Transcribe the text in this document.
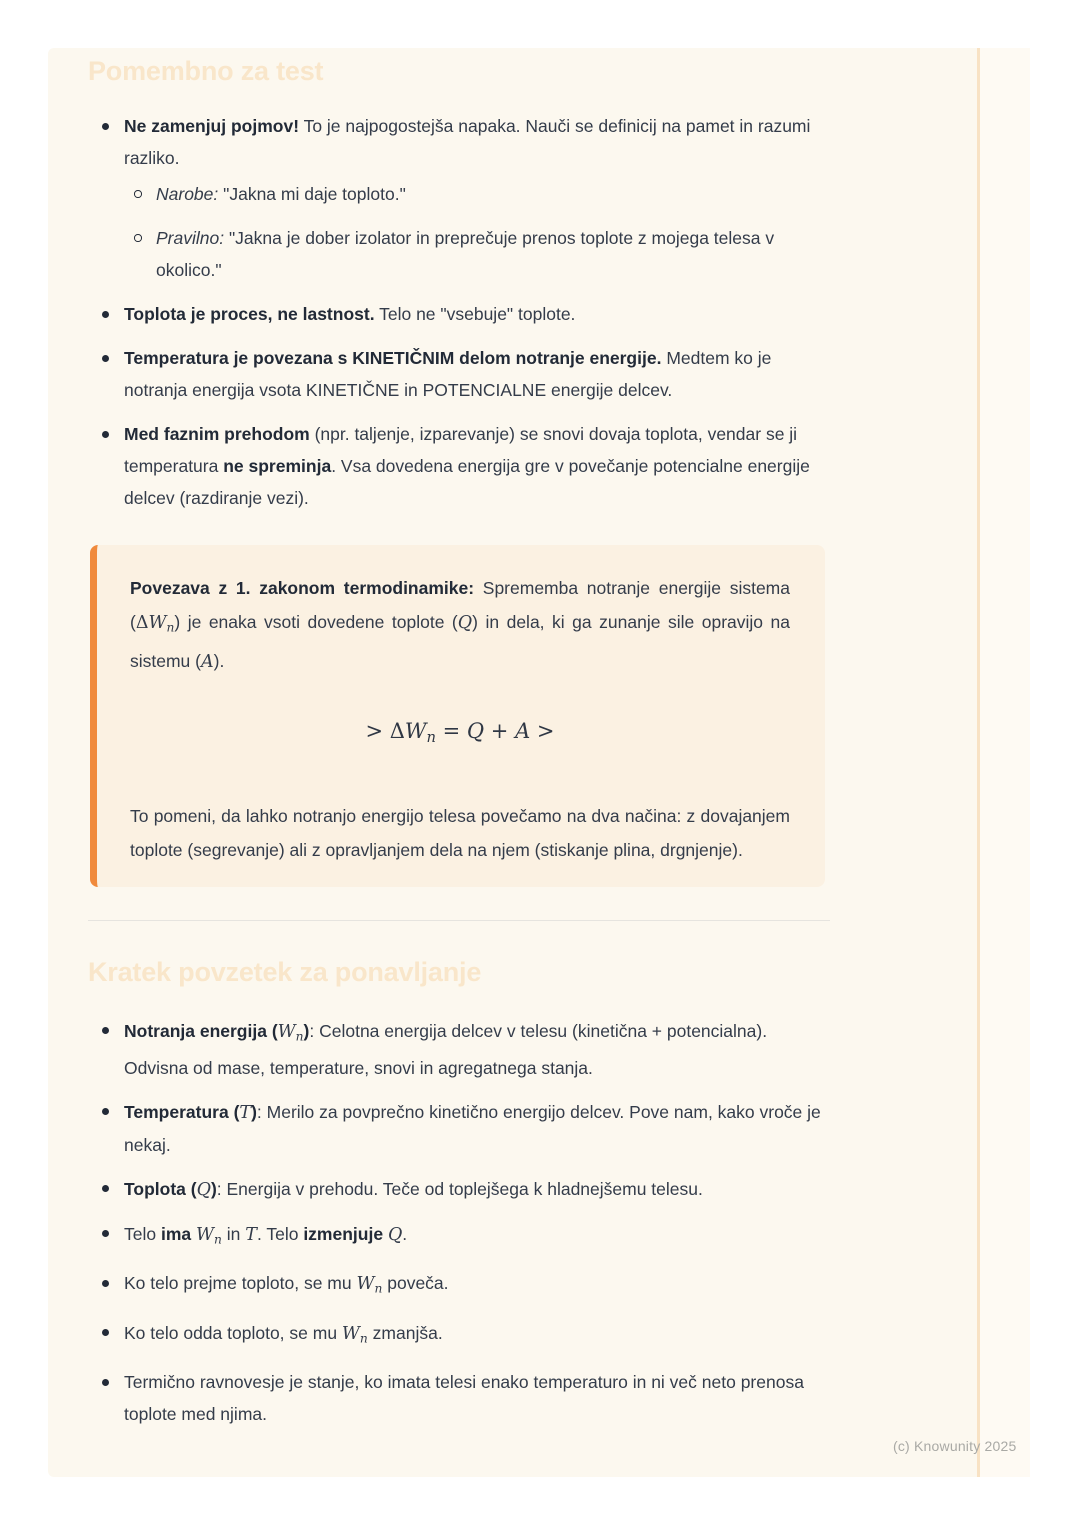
Pomembno za test
Ne zamenjuj pojmov! To je najpogostejša napaka. Nauči se definicij na pamet in razumi razliko.
Narobe: "Jakna mi daje toploto."
Pravilno: "Jakna je dober izolator in preprečuje prenos toplote z mojega telesa v okolico."
Toplota je proces, ne lastnost. Telo ne "vsebuje" toplote.
Temperatura je povezana s KINETIČNIM delom notranje energije. Medtem ko je notranja energija vsota KINETIČNE in POTENCIALNE energije delcev.
Med faznim prehodom (npr. taljenje, izparevanje) se snovi dovaja toplota, vendar se ji temperatura ne spreminja. Vsa dovedena energija gre v povečanje potencialne energije delcev (razdiranje vezi).

Povezava z 1. zakonom termodinamike: Sprememba notranje energije sistema (ΔWn) je enaka vsoti dovedene toplote (Q) in dela, ki ga zunanje sile opravijo na sistemu (A).

> ΔWn = Q + A >

To pomeni, da lahko notranjo energijo telesa povečamo na dva načina: z dovajanjem toplote (segrevanje) ali z opravljanjem dela na njem (stiskanje plina, drgnjenje).

Kratek povzetek za ponavljanje
Notranja energija (Wn): Celotna energija delcev v telesu (kinetična + potencialna). Odvisna od mase, temperature, snovi in agregatnega stanja.
Temperatura (T): Merilo za povprečno kinetično energijo delcev. Pove nam, kako vroče je nekaj.
Toplota (Q): Energija v prehodu. Teče od toplejšega k hladnejšemu telesu.
Telo ima Wn in T. Telo izmenjuje Q.
Ko telo prejme toploto, se mu Wn poveča.
Ko telo odda toploto, se mu Wn zmanjša.
Termično ravnovesje je stanje, ko imata telesi enako temperaturo in ni več neto prenosa toplote med njima.
(c) Knowunity 2025
